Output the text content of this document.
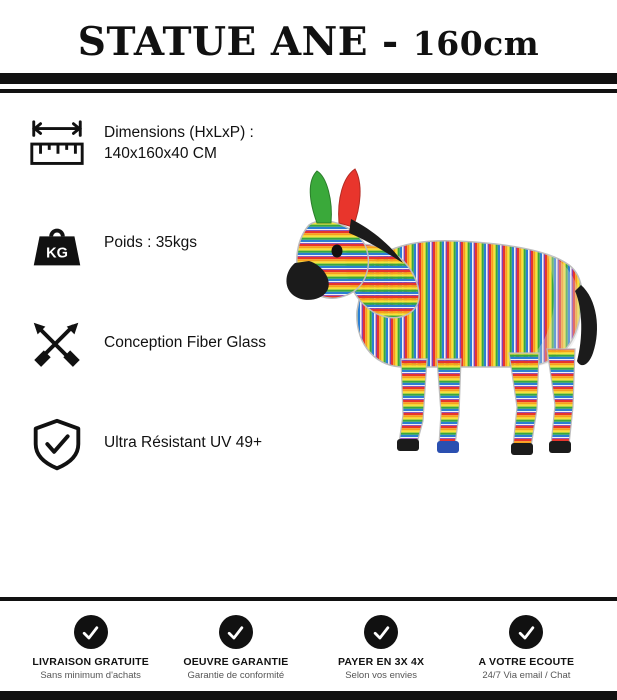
STATUE ANE - 160cm
Dimensions (HxLxP) :
140x160x40 CM
KG
Poids : 35kgs
Conception Fiber Glass
Ultra Résistant UV 49+
LIVRAISON GRATUITE
Sans minimum d'achats
OEUVRE GARANTIE
Garantie de conformité
PAYER EN 3X 4X
Selon vos envies
A VOTRE ECOUTE
24/7 Via email / Chat
